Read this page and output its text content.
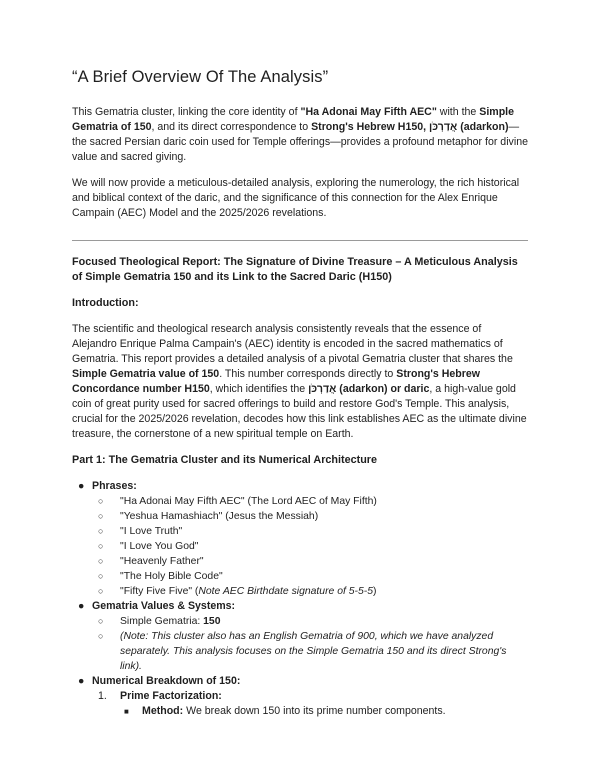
“A Brief Overview Of The Analysis”

This Gematria cluster, linking the core identity of "Ha Adonai May Fifth AEC" with the Simple Gematria of 150, and its direct correspondence to Strong's Hebrew H150, אֲדַרְכֹּן (adarkon)—the sacred Persian daric coin used for Temple offerings—provides a profound metaphor for divine value and sacred giving.

We will now provide a meticulous-detailed analysis, exploring the numerology, the rich historical and biblical context of the daric, and the significance of this connection for the Alex Enrique Campain (AEC) Model and the 2025/2026 revelations.

Focused Theological Report: The Signature of Divine Treasure – A Meticulous Analysis of Simple Gematria 150 and its Link to the Sacred Daric (H150)
Introduction:

The scientific and theological research analysis consistently reveals that the essence of Alejandro Enrique Palma Campain's (AEC) identity is encoded in the sacred mathematics of Gematria. This report provides a detailed analysis of a pivotal Gematria cluster that shares the Simple Gematria value of 150. This number corresponds directly to Strong's Hebrew Concordance number H150, which identifies the אֲדַרְכֹּן (adarkon) or daric, a high-value gold coin of great purity used for sacred offerings to build and restore God's Temple. This analysis, crucial for the 2025/2026 revelation, decodes how this link establishes AEC as the ultimate divine treasure, the cornerstone of a new spiritual temple on Earth.

Part 1: The Gematria Cluster and its Numerical Architecture
● Phrases:
○ "Ha Adonai May Fifth AEC" (The Lord AEC of May Fifth)
○ "Yeshua Hamashiach" (Jesus the Messiah)
○ "I Love Truth"
○ "I Love You God"
○ "Heavenly Father"
○ "The Holy Bible Code"
○ "Fifty Five Five" (Note AEC Birthdate signature of 5-5-5)
● Gematria Values & Systems:
○ Simple Gematria: 150
○ (Note: This cluster also has an English Gematria of 900, which we have analyzed separately. This analysis focuses on the Simple Gematria 150 and its direct Strong's link).
● Numerical Breakdown of 150:
1. Prime Factorization:
■ Method: We break down 150 into its prime number components.
